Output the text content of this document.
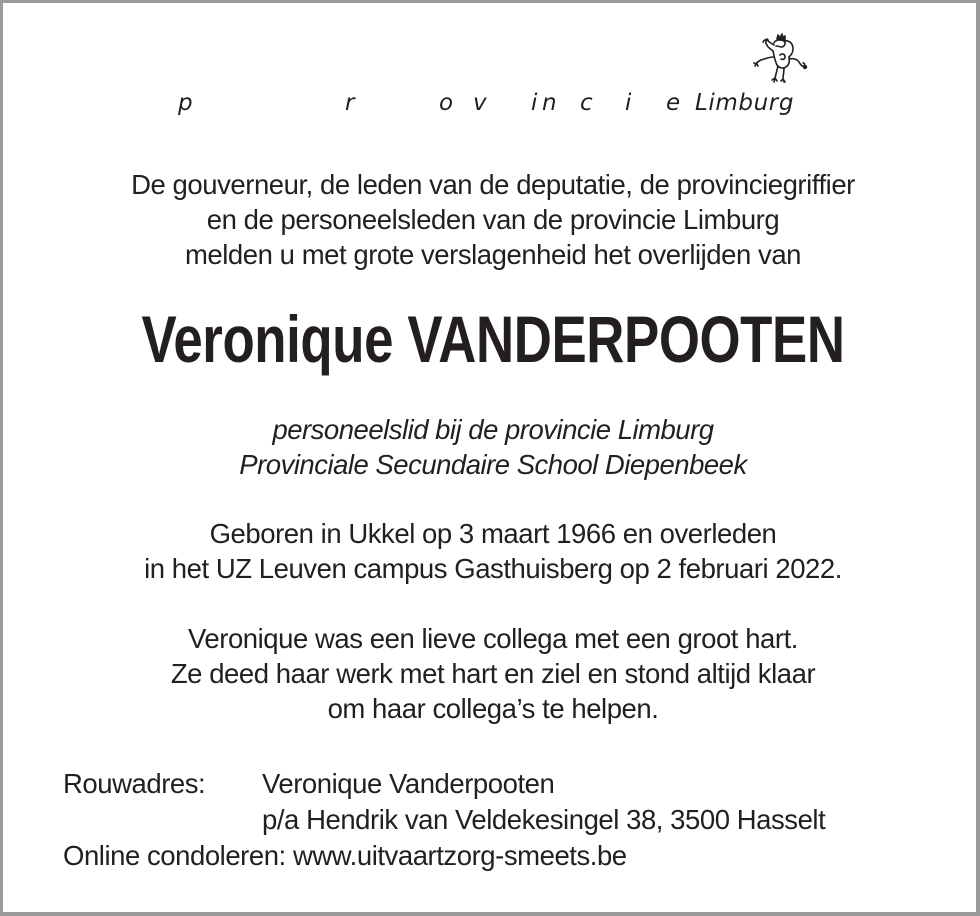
p	r	o v i n c i e Limburg
De gouverneur, de leden van de deputatie, de provinciegriffier
en de personeelsleden van de provincie Limburg
melden u met grote verslagenheid het overlijden van
Veronique VANDERPOOTEN
personeelslid bij de provincie Limburg
Provinciale Secundaire School Diepenbeek
Geboren in Ukkel op 3 maart 1966 en overleden
in het UZ Leuven campus Gasthuisberg op 2 februari 2022.
Veronique was een lieve collega met een groot hart.
Ze deed haar werk met hart en ziel en stond altijd klaar
om haar collega’s te helpen.
Rouwadres: Veronique Vanderpooten
p/a Hendrik van Veldekesingel 38, 3500 Hasselt
Online condoleren: www.uitvaartzorg-smeets.be
